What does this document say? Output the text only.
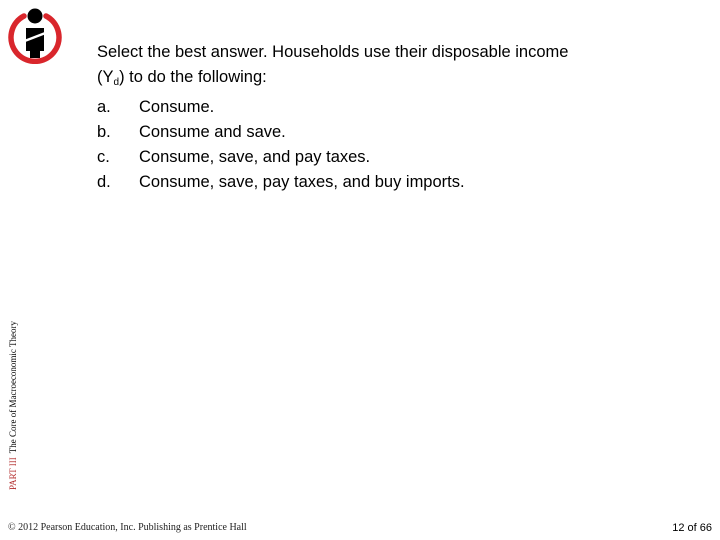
PART IIIThe Core of Macroeconomic Theory

Select the best answer. Households use their disposable income
$(Y_d)$ to do the following:

a.	Consume.
b.	Consume and save.
c.	Consume, save, and pay taxes.
d.	Consume, save, pay taxes, and buy imports.
© 2012 Pearson Education, Inc. Publishing as Prentice Hall	12 of 66
